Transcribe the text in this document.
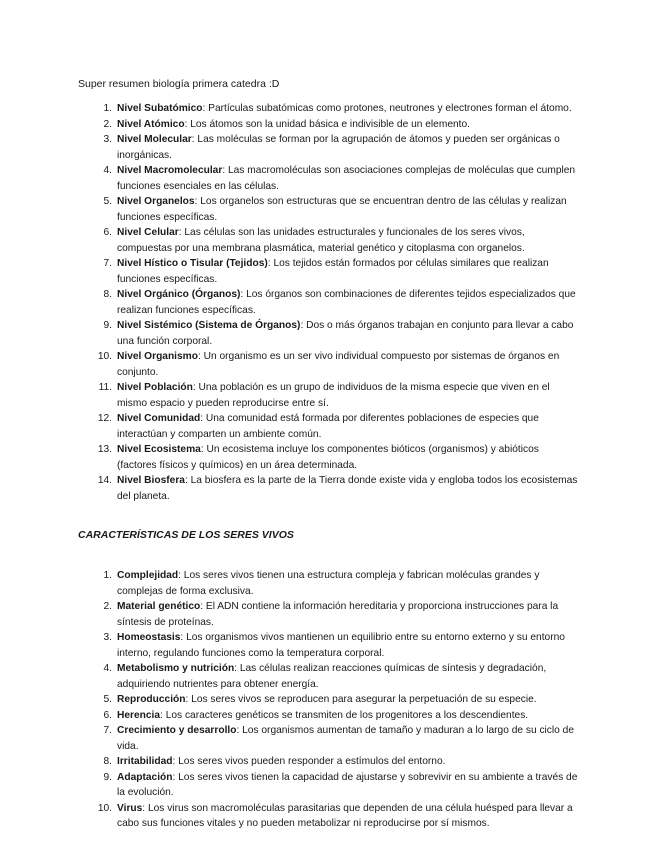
Super resumen biología primera catedra :D
1. Nivel Subatómico: Partículas subatómicas como protones, neutrones y electrones forman el átomo.
2. Nivel Atómico: Los átomos son la unidad básica e indivisible de un elemento.
3. Nivel Molecular: Las moléculas se forman por la agrupación de átomos y pueden ser orgánicas o inorgánicas.
4. Nivel Macromolecular: Las macromoléculas son asociaciones complejas de moléculas que cumplen funciones esenciales en las células.
5. Nivel Organelos: Los organelos son estructuras que se encuentran dentro de las células y realizan funciones específicas.
6. Nivel Celular: Las células son las unidades estructurales y funcionales de los seres vivos, compuestas por una membrana plasmática, material genético y citoplasma con organelos.
7. Nivel Hístico o Tisular (Tejidos): Los tejidos están formados por células similares que realizan funciones específicas.
8. Nivel Orgánico (Órganos): Los órganos son combinaciones de diferentes tejidos especializados que realizan funciones específicas.
9. Nivel Sistémico (Sistema de Órganos): Dos o más órganos trabajan en conjunto para llevar a cabo una función corporal.
10. Nivel Organismo: Un organismo es un ser vivo individual compuesto por sistemas de órganos en conjunto.
11. Nivel Población: Una población es un grupo de individuos de la misma especie que viven en el mismo espacio y pueden reproducirse entre sí.
12. Nivel Comunidad: Una comunidad está formada por diferentes poblaciones de especies que interactúan y comparten un ambiente común.
13. Nivel Ecosistema: Un ecosistema incluye los componentes bióticos (organismos) y abióticos (factores físicos y químicos) en un área determinada.
14. Nivel Biosfera: La biosfera es la parte de la Tierra donde existe vida y engloba todos los ecosistemas del planeta.
CARACTERÍSTICAS DE LOS SERES VIVOS
1. Complejidad: Los seres vivos tienen una estructura compleja y fabrican moléculas grandes y complejas de forma exclusiva.
2. Material genético: El ADN contiene la información hereditaria y proporciona instrucciones para la síntesis de proteínas.
3. Homeostasis: Los organismos vivos mantienen un equilibrio entre su entorno externo y su entorno interno, regulando funciones como la temperatura corporal.
4. Metabolismo y nutrición: Las células realizan reacciones químicas de síntesis y degradación, adquiriendo nutrientes para obtener energía.
5. Reproducción: Los seres vivos se reproducen para asegurar la perpetuación de su especie.
6. Herencia: Los caracteres genéticos se transmiten de los progenitores a los descendientes.
7. Crecimiento y desarrollo: Los organismos aumentan de tamaño y maduran a lo largo de su ciclo de vida.
8. Irritabilidad: Los seres vivos pueden responder a estímulos del entorno.
9. Adaptación: Los seres vivos tienen la capacidad de ajustarse y sobrevivir en su ambiente a través de la evolución.
10. Virus: Los virus son macromoléculas parasitarias que dependen de una célula huésped para llevar a cabo sus funciones vitales y no pueden metabolizar ni reproducirse por sí mismos.
